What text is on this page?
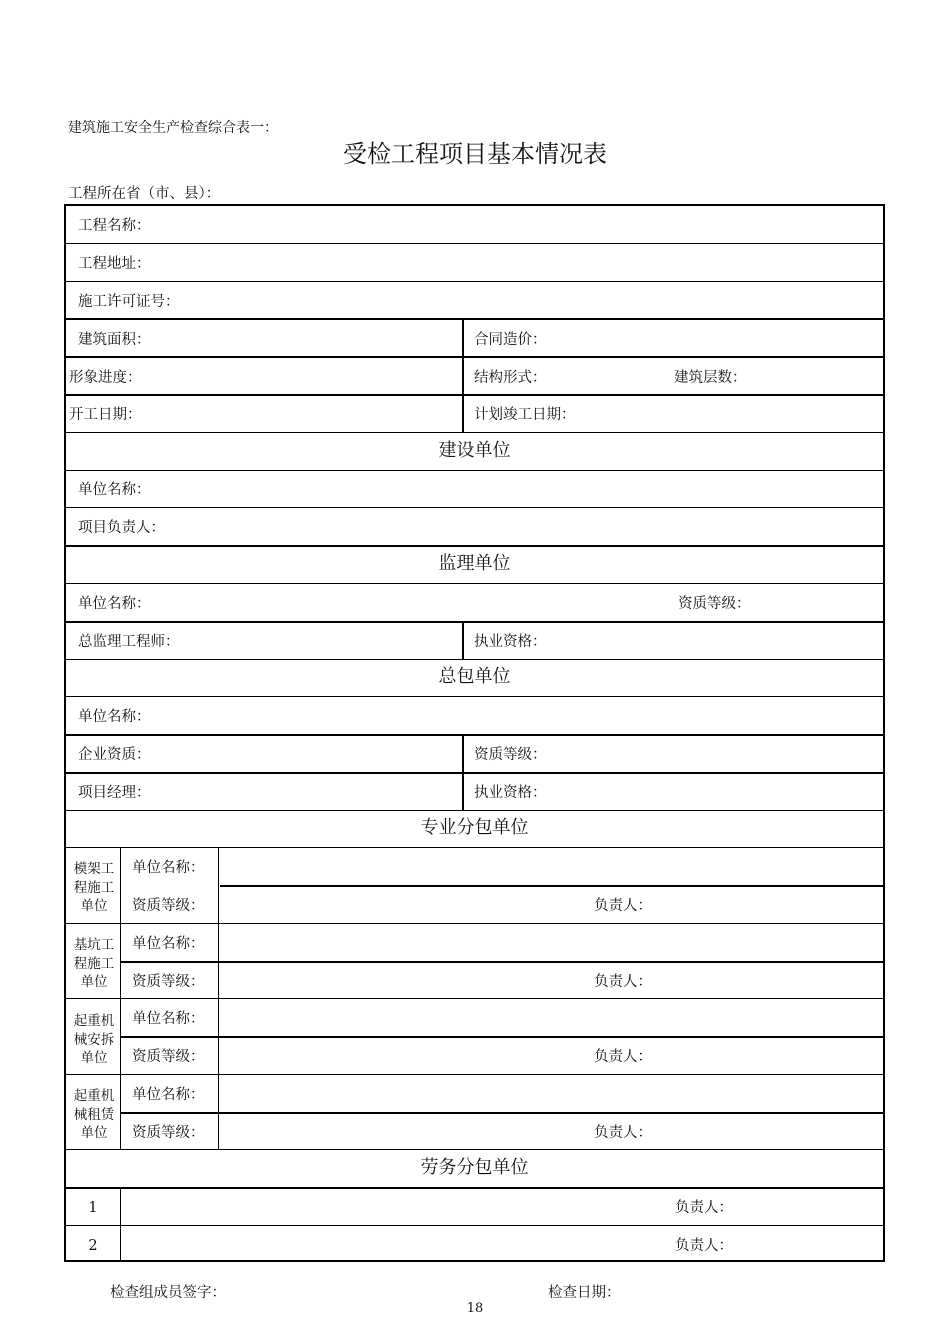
建筑施工安全生产检查综合表一：
受检工程项目基本情况表
工程所在省（市、县）：
工程名称：
工程地址：
施工许可证号：
建筑面积：	合同造价：
形象进度：	结构形式：	建筑层数：
开工日期：	计划竣工日期：
建设单位
单位名称：
项目负责人：
监理单位
单位名称：	资质等级：
总监理工程师：	执业资格：
总包单位
单位名称：
企业资质：	资质等级：
项目经理：	执业资格：
专业分包单位
模架工
程施工
单位
单位名称：
资质等级：	负责人：
基坑工
程施工
单位
单位名称：
资质等级：	负责人：
起重机
械安拆
单位
单位名称：
资质等级：	负责人：
起重机
械租赁
单位
单位名称：
资质等级：	负责人：
劳务分包单位
1	负责人：
2	负责人：
检查组成员签字：	检查日期：
18
